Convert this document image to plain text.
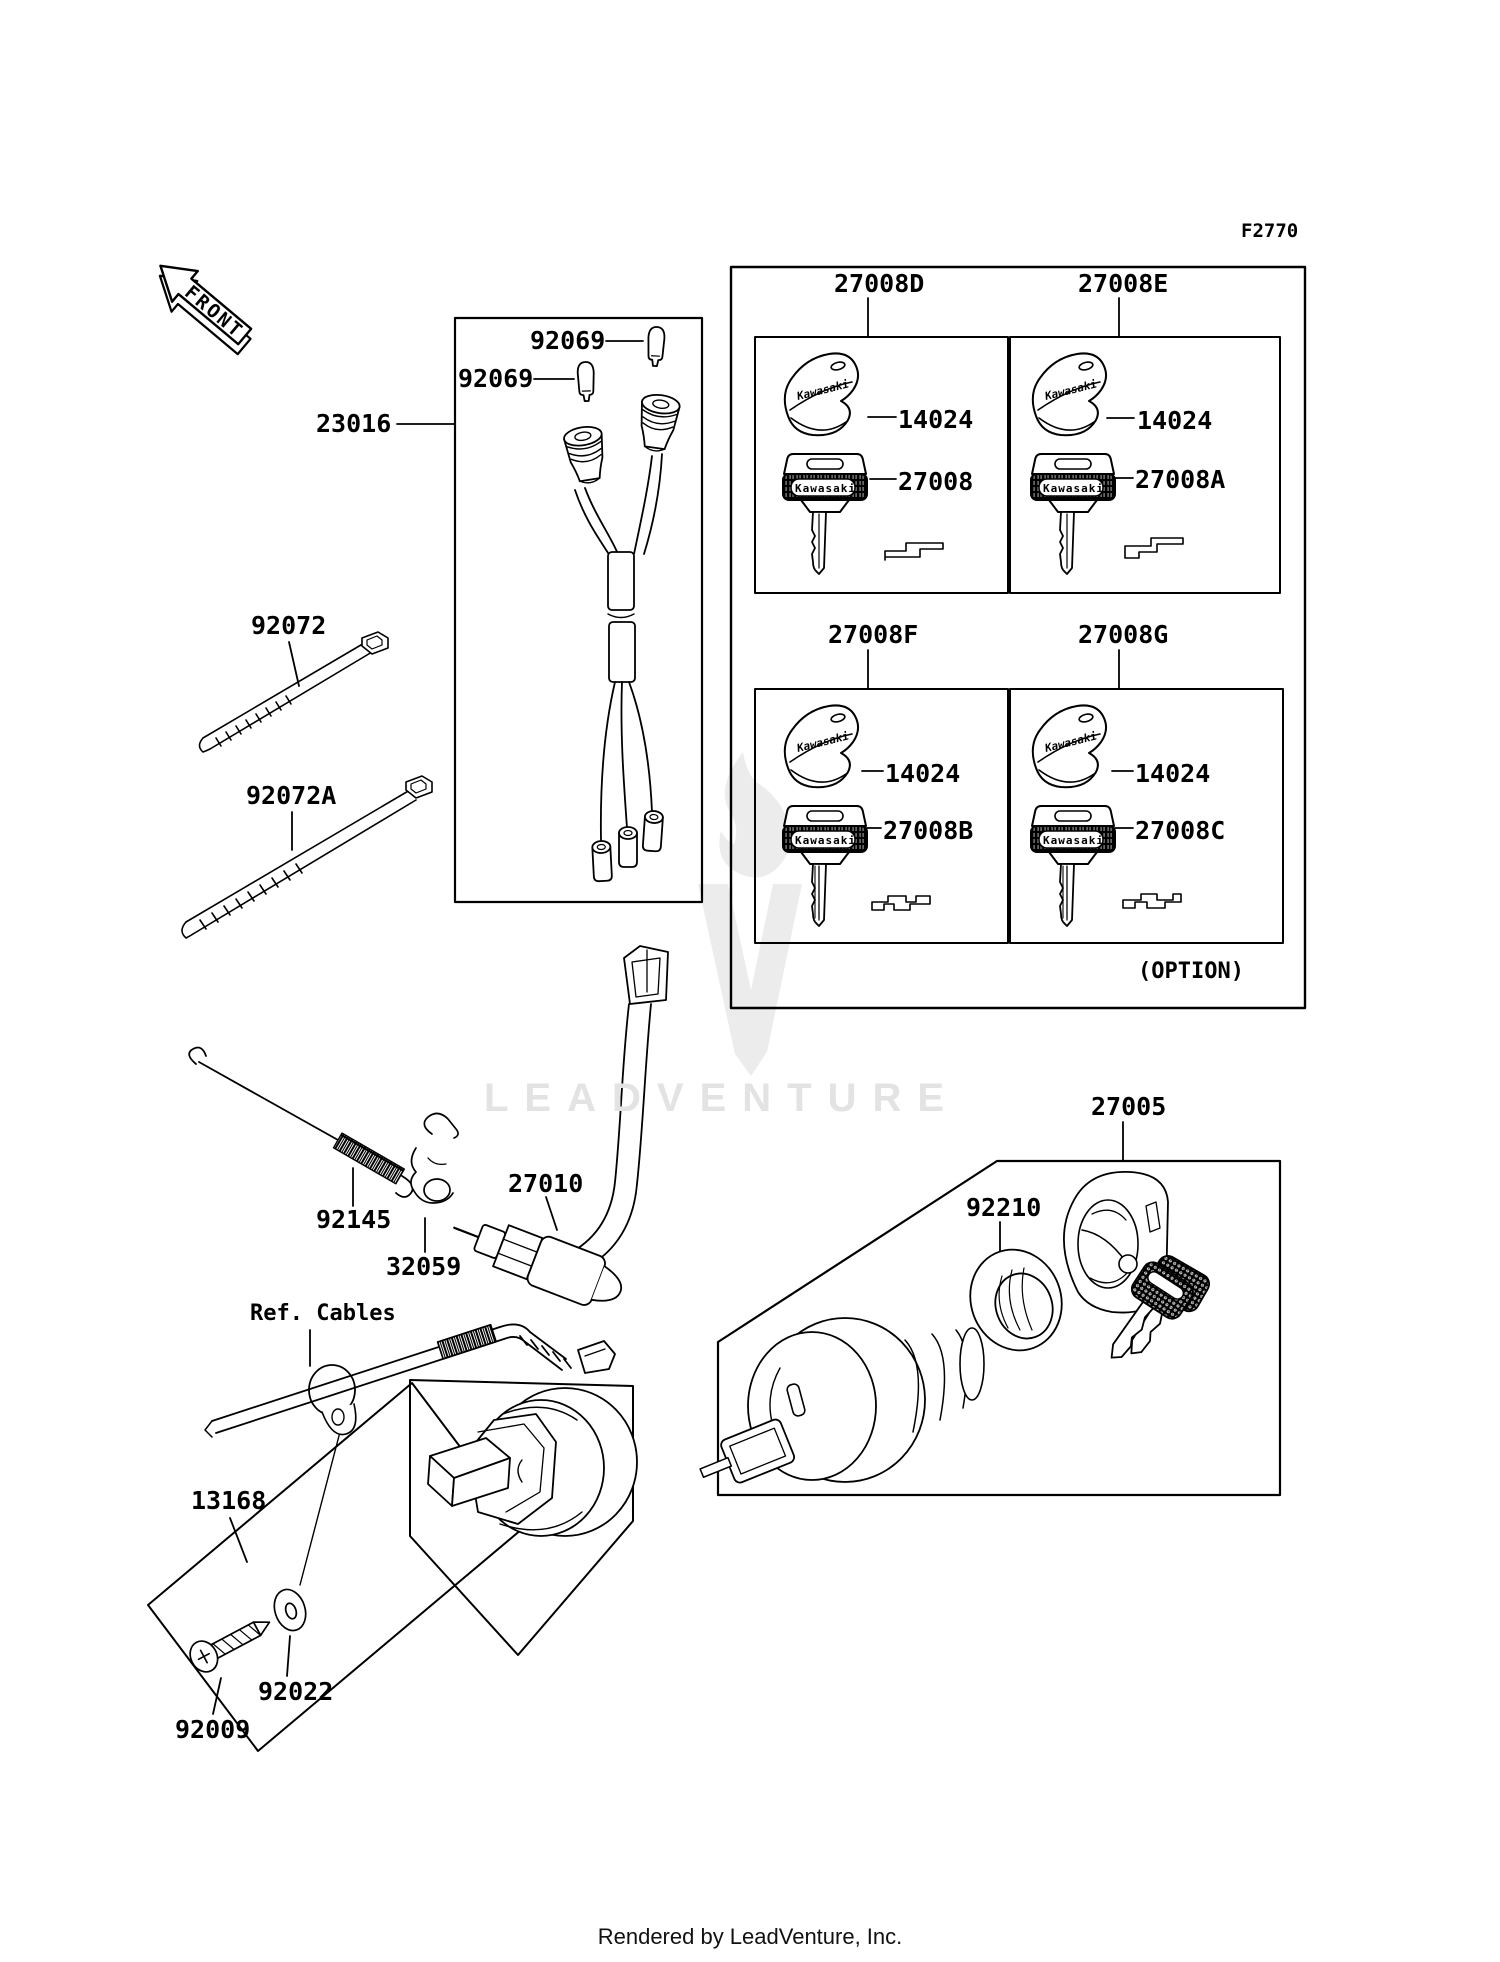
FRONT
Kawasaki	Kawasaki
Kawasaki	Kawasaki
Kawasaki	Kawasaki
Kawasaki	Kawasaki
F2770
23016
92069
92069
92072
92072A
27008D	27008E
27008F	27008G
14024	14024
14024	14024
27008	27008A
27008B	27008C
(OPTION)
92145
32059
27010
Ref. Cables
13168
92022
92009
27005
92210
LEADVENTURE
Rendered by LeadVenture, Inc.
